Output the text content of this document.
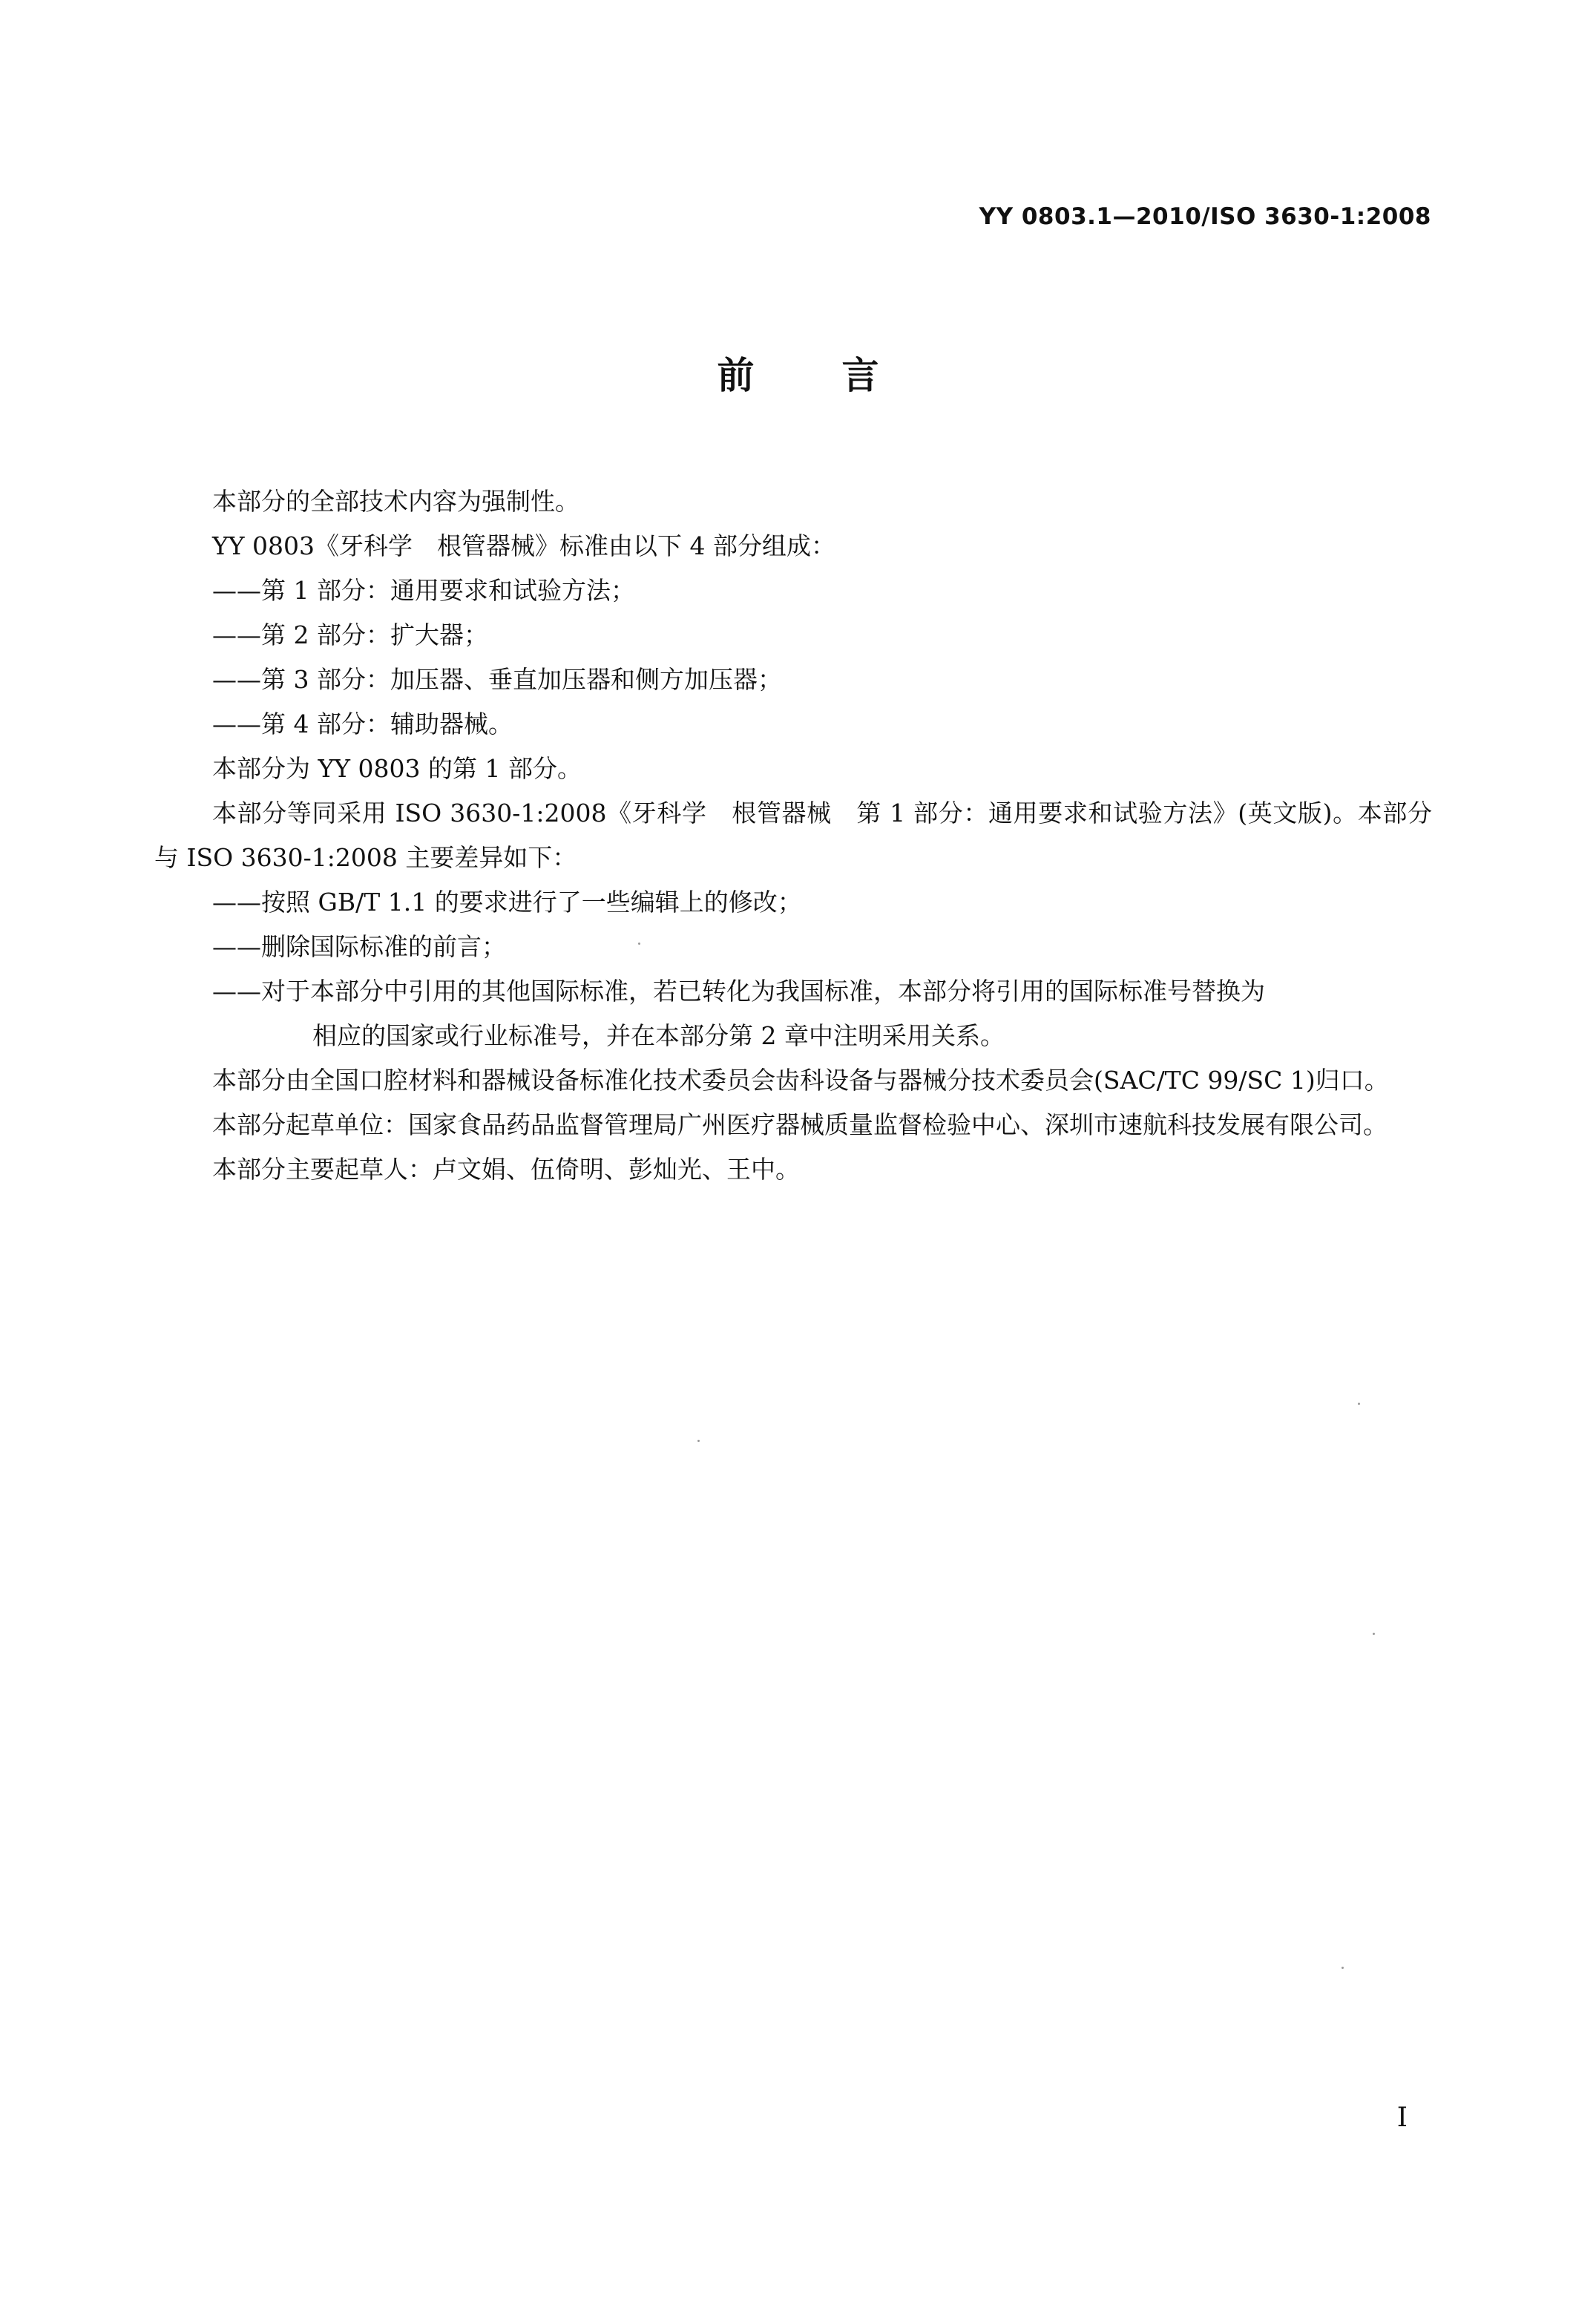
YY 0803.1—2010/ISO 3630-1:2008
前言

本部分的全部技术内容为强制性。

YY 0803《牙科学　根管器械》标准由以下 4 部分组成：

——第 1 部分：通用要求和试验方法；

——第 2 部分：扩大器；

——第 3 部分：加压器、垂直加压器和侧方加压器；

——第 4 部分：辅助器械。

本部分为 YY 0803 的第 1 部分。

本部分等同采用 ISO 3630-1:2008《牙科学　根管器械　第 1 部分：通用要求和试验方法》(英文版)。本部分与 ISO 3630-1:2008 主要差异如下：

——按照 GB/T 1.1 的要求进行了一些编辑上的修改；

——删除国际标准的前言；

——对于本部分中引用的其他国际标准，若已转化为我国标准，本部分将引用的国际标准号替换为
相应的国家或行业标准号，并在本部分第 2 章中注明采用关系。

本部分由全国口腔材料和器械设备标准化技术委员会齿科设备与器械分技术委员会(SAC/TC 99/SC 1)归口。

本部分起草单位：国家食品药品监督管理局广州医疗器械质量监督检验中心、深圳市速航科技发展有限公司。

本部分主要起草人：卢文娟、伍倚明、彭灿光、王中。

I
